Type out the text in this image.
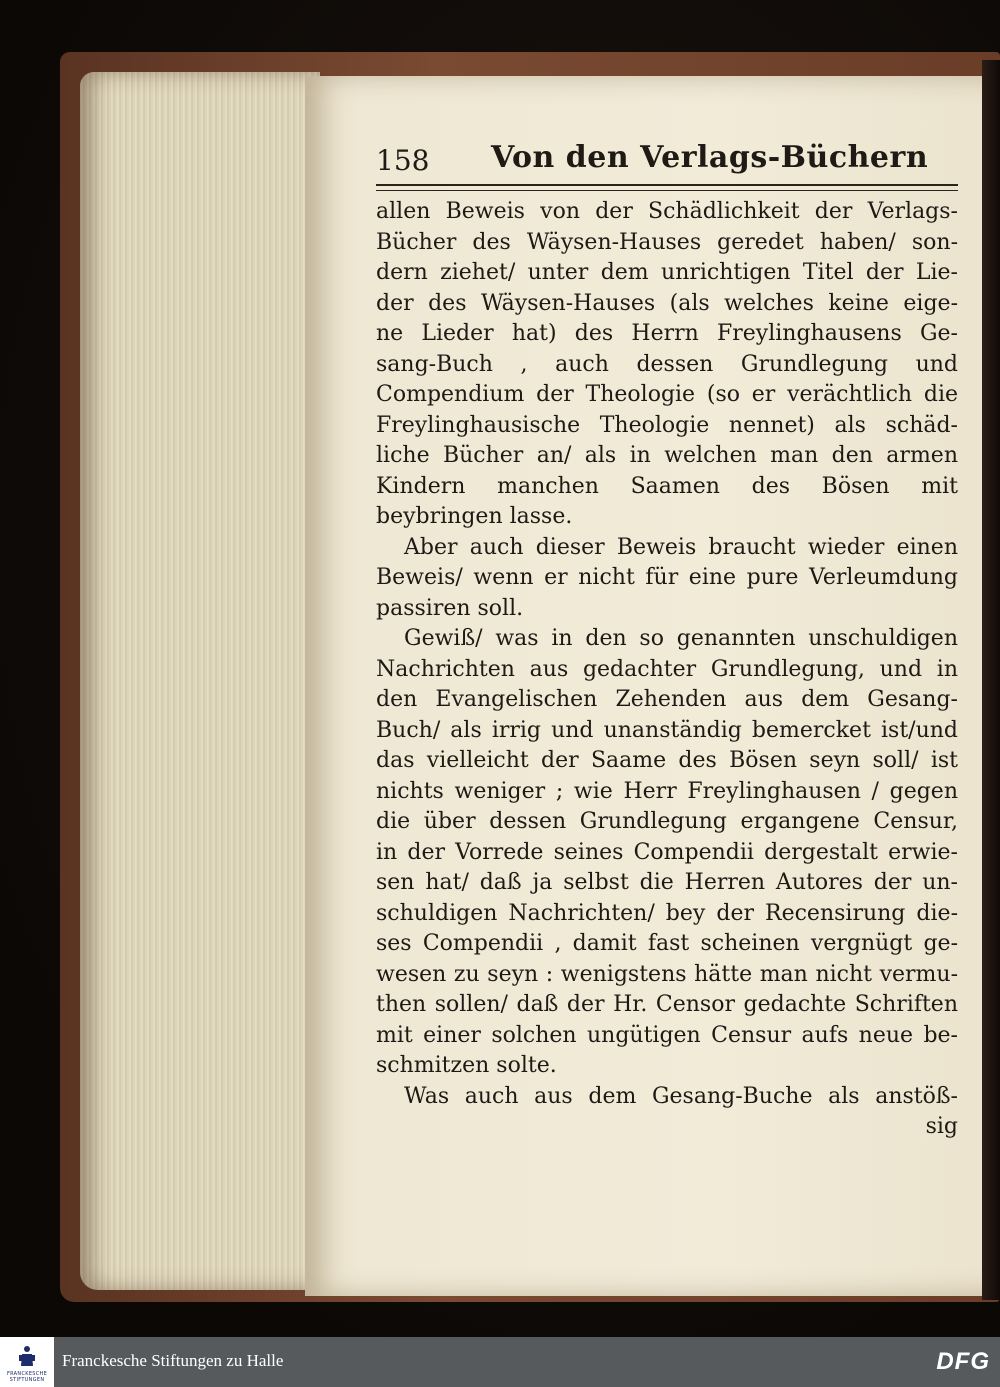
158 Von den Verlags-Büchern
allen Beweis von der Schädlichkeit der Verlags-
Bücher des Wäysen-Hauses geredet haben/ son-
dern ziehet/ unter dem unrichtigen Titel der Lie-
der des Wäysen-Hauses (als welches keine eige-
ne Lieder hat) des Herrn Freylinghausens Ge-
sang-Buch , auch dessen Grundlegung und
Compendium der Theologie (so er verächtlich die
Freylinghausische Theologie nennet) als schäd-
liche Bücher an/ als in welchen man den armen
Kindern manchen Saamen des Bösen mit
beybringen lasse.
Aber auch dieser Beweis braucht wieder einen
Beweis/ wenn er nicht für eine pure Verleumdung
passiren soll.
Gewiß/ was in den so genannten unschuldigen
Nachrichten aus gedachter Grundlegung, und in
den Evangelischen Zehenden aus dem Gesang-
Buch/ als irrig und unanständig bemercket ist/und
das vielleicht der Saame des Bösen seyn soll/ ist
nichts weniger ; wie Herr Freylinghausen / gegen
die über dessen Grundlegung ergangene Censur,
in der Vorrede seines Compendii dergestalt erwie-
sen hat/ daß ja selbst die Herren Autores der un-
schuldigen Nachrichten/ bey der Recensirung die-
ses Compendii , damit fast scheinen vergnügt ge-
wesen zu seyn : wenigstens hätte man nicht vermu-
then sollen/ daß der Hr. Censor gedachte Schriften
mit einer solchen ungütigen Censur aufs neue be-
schmitzen solte.
Was auch aus dem Gesang-Buche als anstöß-
sig
FRANCKESCHE STIFTUNGEN
Franckesche Stiftungen zu Halle	DFG
